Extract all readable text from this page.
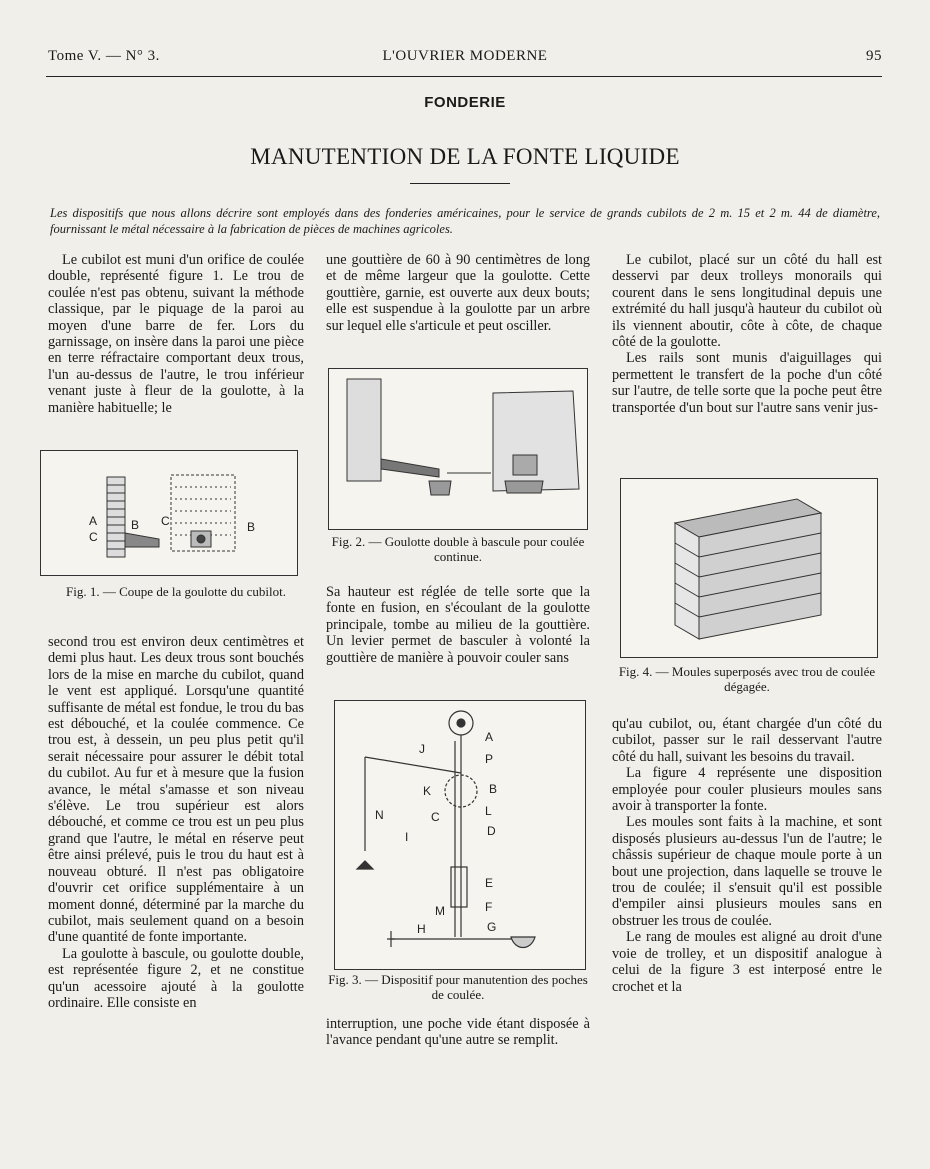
Tome V. — N° 3.	L'OUVRIER MODERNE	95
FONDERIE
MANUTENTION DE LA FONTE LIQUIDE
Les dispositifs que nous allons décrire sont employés dans des fonderies américaines, pour le service de grands cubilots de 2 m. 15 et 2 m. 44 de diamètre, fournissant le métal nécessaire à la fabrication de pièces de machines agricoles.

Le cubilot est muni d'un orifice de coulée double, représenté figure 1. Le trou de coulée n'est pas obtenu, suivant la méthode classique, par le piquage de la paroi au moyen d'une barre de fer. Lors du garnissage, on insère dans la paroi une pièce en terre réfractaire comportant deux trous, l'un au-dessus de l'autre, le trou inférieur venant juste à fleur de la goulotte, à la manière habituelle; le

A	B
C
C	B
Fig. 1. — Coupe de la goulotte du cubilot.

second trou est environ deux centimètres et demi plus haut. Les deux trous sont bouchés lors de la mise en marche du cubilot, quand le vent est appliqué. Lorsqu'une quantité suffisante de métal est fondue, le trou du bas est débouché, et la coulée commence. Ce trou est, à dessein, un peu plus petit qu'il serait nécessaire pour assurer le débit total du cubilot. Au fur et à mesure que la fusion avance, le métal s'amasse et son niveau s'élève. Le trou supérieur est alors débouché, et comme ce trou est un peu plus grand que l'autre, le métal en réserve peut être ainsi prélevé, puis le trou du haut est à nouveau obturé. Il n'est pas obligatoire d'ouvrir cet orifice supplémentaire à un moment donné, déterminé par la marche du cubilot, mais seulement quand on a besoin d'une quantité de fonte importante.

La goulotte à bascule, ou goulotte double, est représentée figure 2, et ne constitue qu'un acessoire ajouté à la goulotte ordinaire. Elle consiste en

une gouttière de 60 à 90 centimètres de long et de même largeur que la goulotte. Cette gouttière, garnie, est ouverte aux deux bouts; elle est suspendue à la goulotte par un arbre sur lequel elle s'articule et peut osciller.

Fig. 2. — Goulotte double à bascule pour coulée continue.

Sa hauteur est réglée de telle sorte que la fonte en fusion, en s'écoulant de la goulotte principale, tombe au milieu de la gouttière. Un levier permet de basculer à volonté la gouttière de manière à pouvoir couler sans

A
J
P
K	B
L
N	C
D
I
E
M	F
H	G
Fig. 3. — Dispositif pour manutention des poches de coulée.

interruption, une poche vide étant disposée à l'avance pendant qu'une autre se remplit.

Le cubilot, placé sur un côté du hall est desservi par deux trolleys monorails qui courent dans le sens longitudinal depuis une extrémité du hall jusqu'à hauteur du cubilot où ils viennent aboutir, côte à côte, de chaque côté de la goulotte.

Les rails sont munis d'aiguillages qui permettent le transfert de la poche d'un côté sur l'autre, de telle sorte que la poche peut être transportée d'un bout sur l'autre sans venir jus-

Fig. 4. — Moules superposés avec trou de coulée dégagée.

qu'au cubilot, ou, étant chargée d'un côté du cubilot, passer sur le rail desservant l'autre côté du hall, suivant les besoins du travail.

La figure 4 représente une disposition employée pour couler plusieurs moules sans avoir à transporter la fonte.

Les moules sont faits à la machine, et sont disposés plusieurs au-dessus l'un de l'autre; le châssis supérieur de chaque moule porte à un bout une projection, dans laquelle se trouve le trou de coulée; il s'ensuit qu'il est possible d'empiler ainsi plusieurs moules sans en obstruer les trous de coulée.

Le rang de moules est aligné au droit d'une voie de trolley, et un dispositif analogue à celui de la figure 3 est interposé entre le crochet et la
